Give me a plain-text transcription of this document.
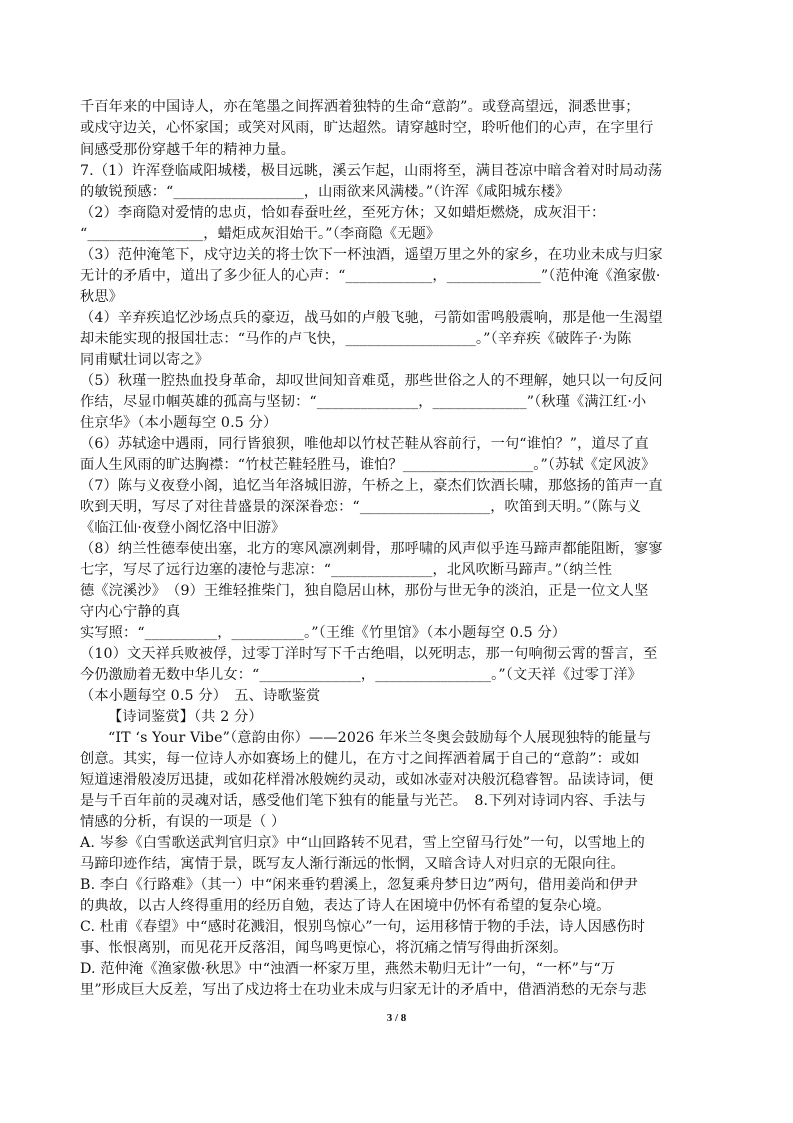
千百年来的中国诗人，亦在笔墨之间挥洒着独特的生命“意韵”。或登高望远，洞悉世事；
或戍守边关，心怀家国；或笑对风雨，旷达超然。请穿越时空，聆听他们的心声，在字里行
间感受那份穿越千年的精神力量。
7.（1）许浑登临咸阳城楼，极目远眺，溪云乍起，山雨将至，满目苍凉中暗含着对时局动荡
的敏锐预感：“__________________，山雨欲来风满楼。”（许浑《咸阳城东楼》
（2）李商隐对爱情的忠贞，恰如春蚕吐丝，至死方休；又如蜡炬燃烧，成灰泪干：
“________________，蜡炬成灰泪始干。”（李商隐《无题》
（3）范仲淹笔下，戍守边关的将士饮下一杯浊酒，遥望万里之外的家乡，在功业未成与归家
无计的矛盾中，道出了多少征人的心声：“____________，_____________”（范仲淹《渔家傲·
秋思》
（4）辛弃疾追忆沙场点兵的豪迈，战马如的卢般飞驰，弓箭如雷鸣般震响，那是他一生渴望
却未能实现的报国壮志：“马作的卢飞快，__________________。”（辛弃疾《破阵子·为陈
同甫赋壮词以寄之》
（5）秋瑾一腔热血投身革命，却叹世间知音难觅，那些世俗之人的不理解，她只以一句反问
作结，尽显巾帼英雄的孤高与坚韧：“______________，_____________”（秋瑾《满江红·小
住京华》（本小题每空 0.5 分）
（6）苏轼途中遇雨，同行皆狼狈，唯他却以竹杖芒鞋从容前行，一句“谁怕？”，道尽了直
面人生风雨的旷达胸襟：“竹杖芒鞋轻胜马，谁怕？__________________。”（苏轼《定风波》
（7）陈与义夜登小阁，追忆当年洛城旧游，午桥之上，豪杰们饮酒长啸，那悠扬的笛声一直
吹到天明，写尽了对往昔盛景的深深眷恋：“__________________，吹笛到天明。”（陈与义
《临江仙·夜登小阁忆洛中旧游》
（8）纳兰性德奉使出塞，北方的寒风凛冽刺骨，那呼啸的风声似乎连马蹄声都能阻断，寥寥
七字，写尽了远行边塞的凄怆与悲凉：“______________，北风吹断马蹄声。”（纳兰性
德《浣溪沙》　（9）王维轻推柴门，独自隐居山林，那份与世无争的淡泊，正是一位文人坚
守内心宁静的真
实写照：“__________，__________。”（王维《竹里馆》（本小题每空 0.5 分）
（10）文天祥兵败被俘，过零丁洋时写下千古绝唱，以死明志，那一句响彻云霄的誓言，至
今仍激励着无数中华儿女：“______________，________________。”（文天祥《过零丁洋》
（本小题每空 0.5 分）　五、诗歌鉴赏
【诗词鉴赏】（共 2 分）
“IT ‘s Your Vibe”（意韵由你）——2026 年米兰冬奥会鼓励每个人展现独特的能量与
创意。其实，每一位诗人亦如赛场上的健儿，在方寸之间挥洒着属于自己的“意韵”：或如
短道速滑般凌厉迅捷，或如花样滑冰般婉约灵动，或如冰壶对决般沉稳睿智。品读诗词，便
是与千百年前的灵魂对话，感受他们笔下独有的能量与光芒。　8.下列对诗词内容、手法与
情感的分析，有误的一项是（ ）
A. 岑参《白雪歌送武判官归京》中“山回路转不见君，雪上空留马行处”一句，以雪地上的
马蹄印迹作结，寓情于景，既写友人渐行渐远的怅惘，又暗含诗人对归京的无限向往。
B. 李白《行路难》（其一）中“闲来垂钓碧溪上，忽复乘舟梦日边”两句，借用姜尚和伊尹
的典故，以古人终得重用的经历自勉，表达了诗人在困境中仍怀有希望的复杂心境。
C. 杜甫《春望》中“感时花溅泪，恨别鸟惊心”一句，运用移情于物的手法，诗人因感伤时
事、怅恨离别，而见花开反落泪，闻鸟鸣更惊心，将沉痛之情写得曲折深刻。
D. 范仲淹《渔家傲·秋思》中“浊酒一杯家万里，燕然未勒归无计”一句，“一杯”与“万
里”形成巨大反差，写出了戍边将士在功业未成与归家无计的矛盾中，借酒消愁的无奈与悲
3 / 8
